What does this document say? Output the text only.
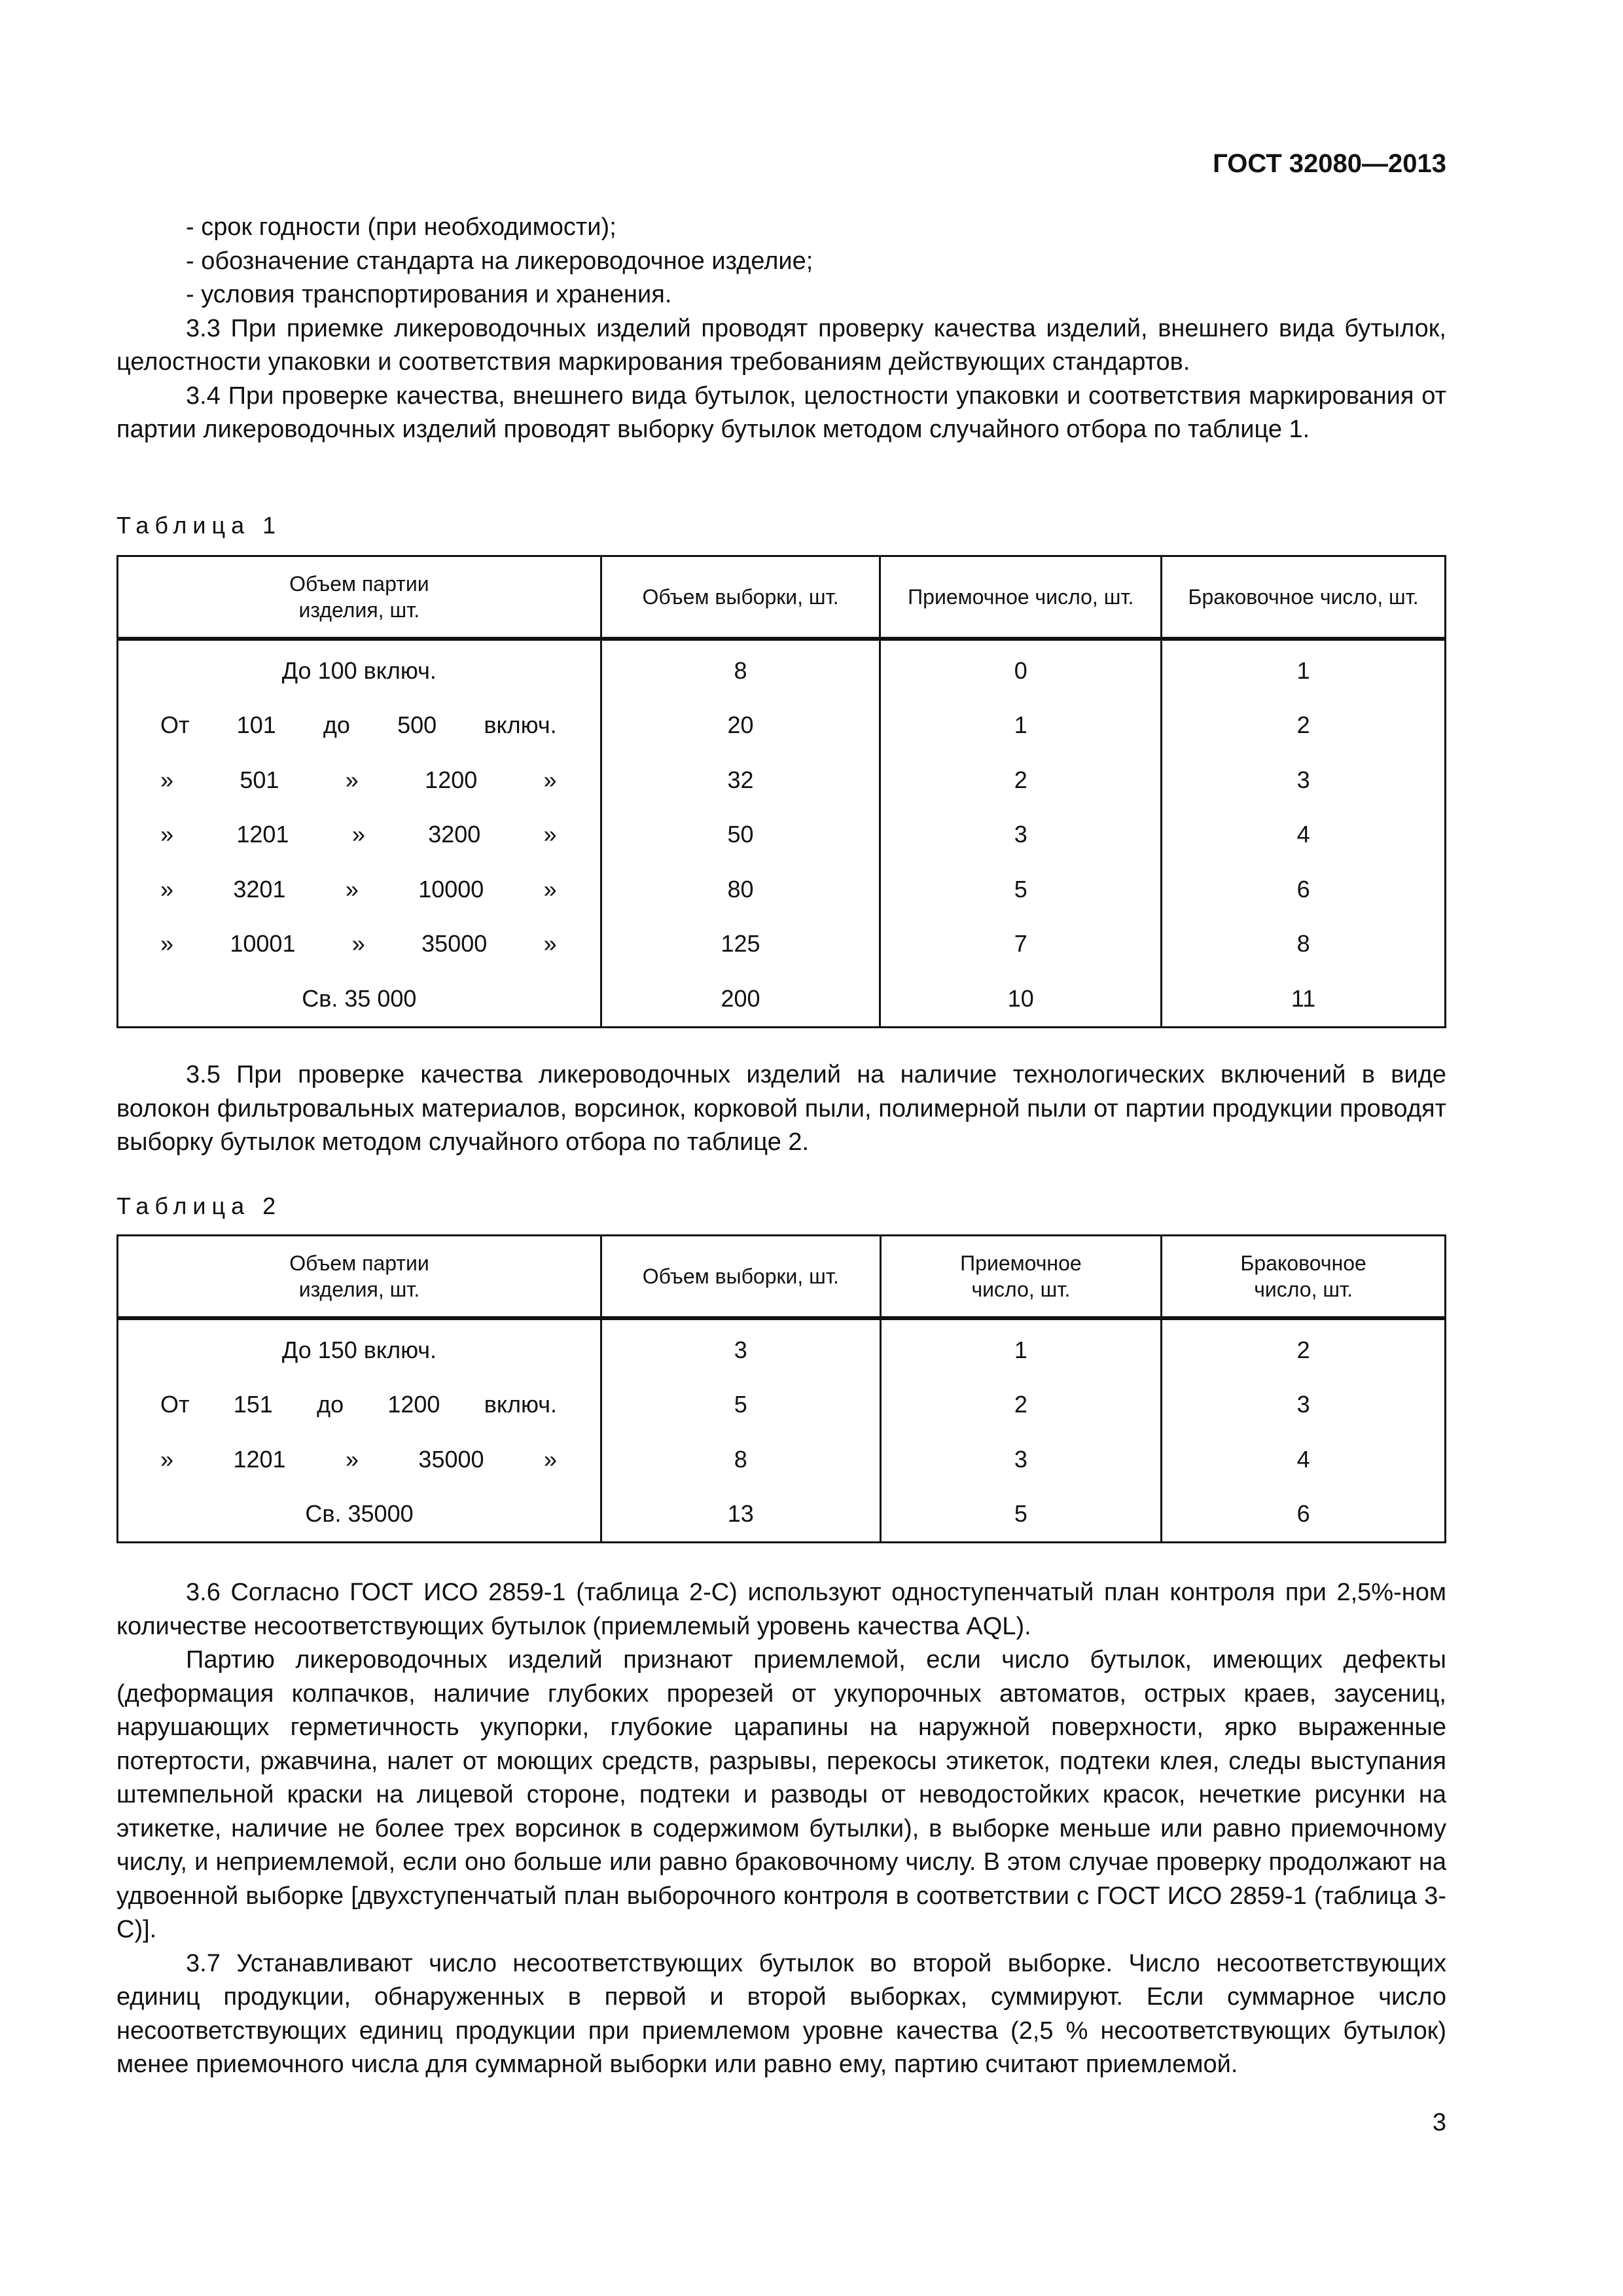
ГОСТ 32080—2013

- срок годности (при необходимости);

- обозначение стандарта на ликероводочное изделие;

- условия транспортирования и хранения.

3.3 При приемке ликероводочных изделий проводят проверку качества изделий, внешнего вида бутылок, целостности упаковки и соответствия маркирования требованиям действующих стандартов.

3.4 При проверке качества, внешнего вида бутылок, целостности упаковки и соответствия маркирования от партии ликероводочных изделий проводят выборку бутылок методом случайного отбора по таблице 1.

Таблица 1

Объем партии изделия, шт.	Объем выборки, шт.	Приемочное число, шт.	Браковочное число, шт.
До 100 включ.	8	0	1

От 101 до 500 включ.	20	1	2

» 501 » 1200 »	32	2	3

» 1201 » 3200 »	50	3	4

» 3201 » 10000 »	80	5	6

» 10001 » 35000 »	125	7	8
Св. 35 000	200	10	11

3.5 При проверке качества ликероводочных изделий на наличие технологических включений в виде волокон фильтровальных материалов, ворсинок, корковой пыли, полимерной пыли от партии продукции проводят выборку бутылок методом случайного отбора по таблице 2.

Таблица 2

Объем партии изделия, шт.	Объем выборки, шт.	Приемочное число, шт.	Браковочное число, шт.
До 150 включ.	3	1	2

От 151 до 1200 включ.	5	2	3

» 1201 » 35000 »	8	3	4
Св. 35000	13	5	6

3.6 Согласно ГОСТ ИСО 2859-1 (таблица 2-С) используют одноступенчатый план контроля при 2,5%-ном количестве несоответствующих бутылок (приемлемый уровень качества AQL).

Партию ликероводочных изделий признают приемлемой, если число бутылок, имеющих дефекты (деформация колпачков, наличие глубоких прорезей от укупорочных автоматов, острых краев, заусениц, нарушающих герметичность укупорки, глубокие царапины на наружной поверхности, ярко выраженные потертости, ржавчина, налет от моющих средств, разрывы, перекосы этикеток, подтеки клея, следы выступания штемпельной краски на лицевой стороне, подтеки и разводы от неводостойких красок, нечеткие рисунки на этикетке, наличие не более трех ворсинок в содержимом бутылки), в выборке меньше или равно приемочному числу, и неприемлемой, если оно больше или равно браковочному числу. В этом случае проверку продолжают на удвоенной выборке [двухступенчатый план выборочного контроля в соответствии с ГОСТ ИСО 2859-1 (таблица 3-С)].

3.7 Устанавливают число несоответствующих бутылок во второй выборке. Число несоответствующих единиц продукции, обнаруженных в первой и второй выборках, суммируют. Если суммарное число несоответствующих единиц продукции при приемлемом уровне качества (2,5 % несоответствующих бутылок) менее приемочного числа для суммарной выборки или равно ему, партию считают приемлемой.

3
